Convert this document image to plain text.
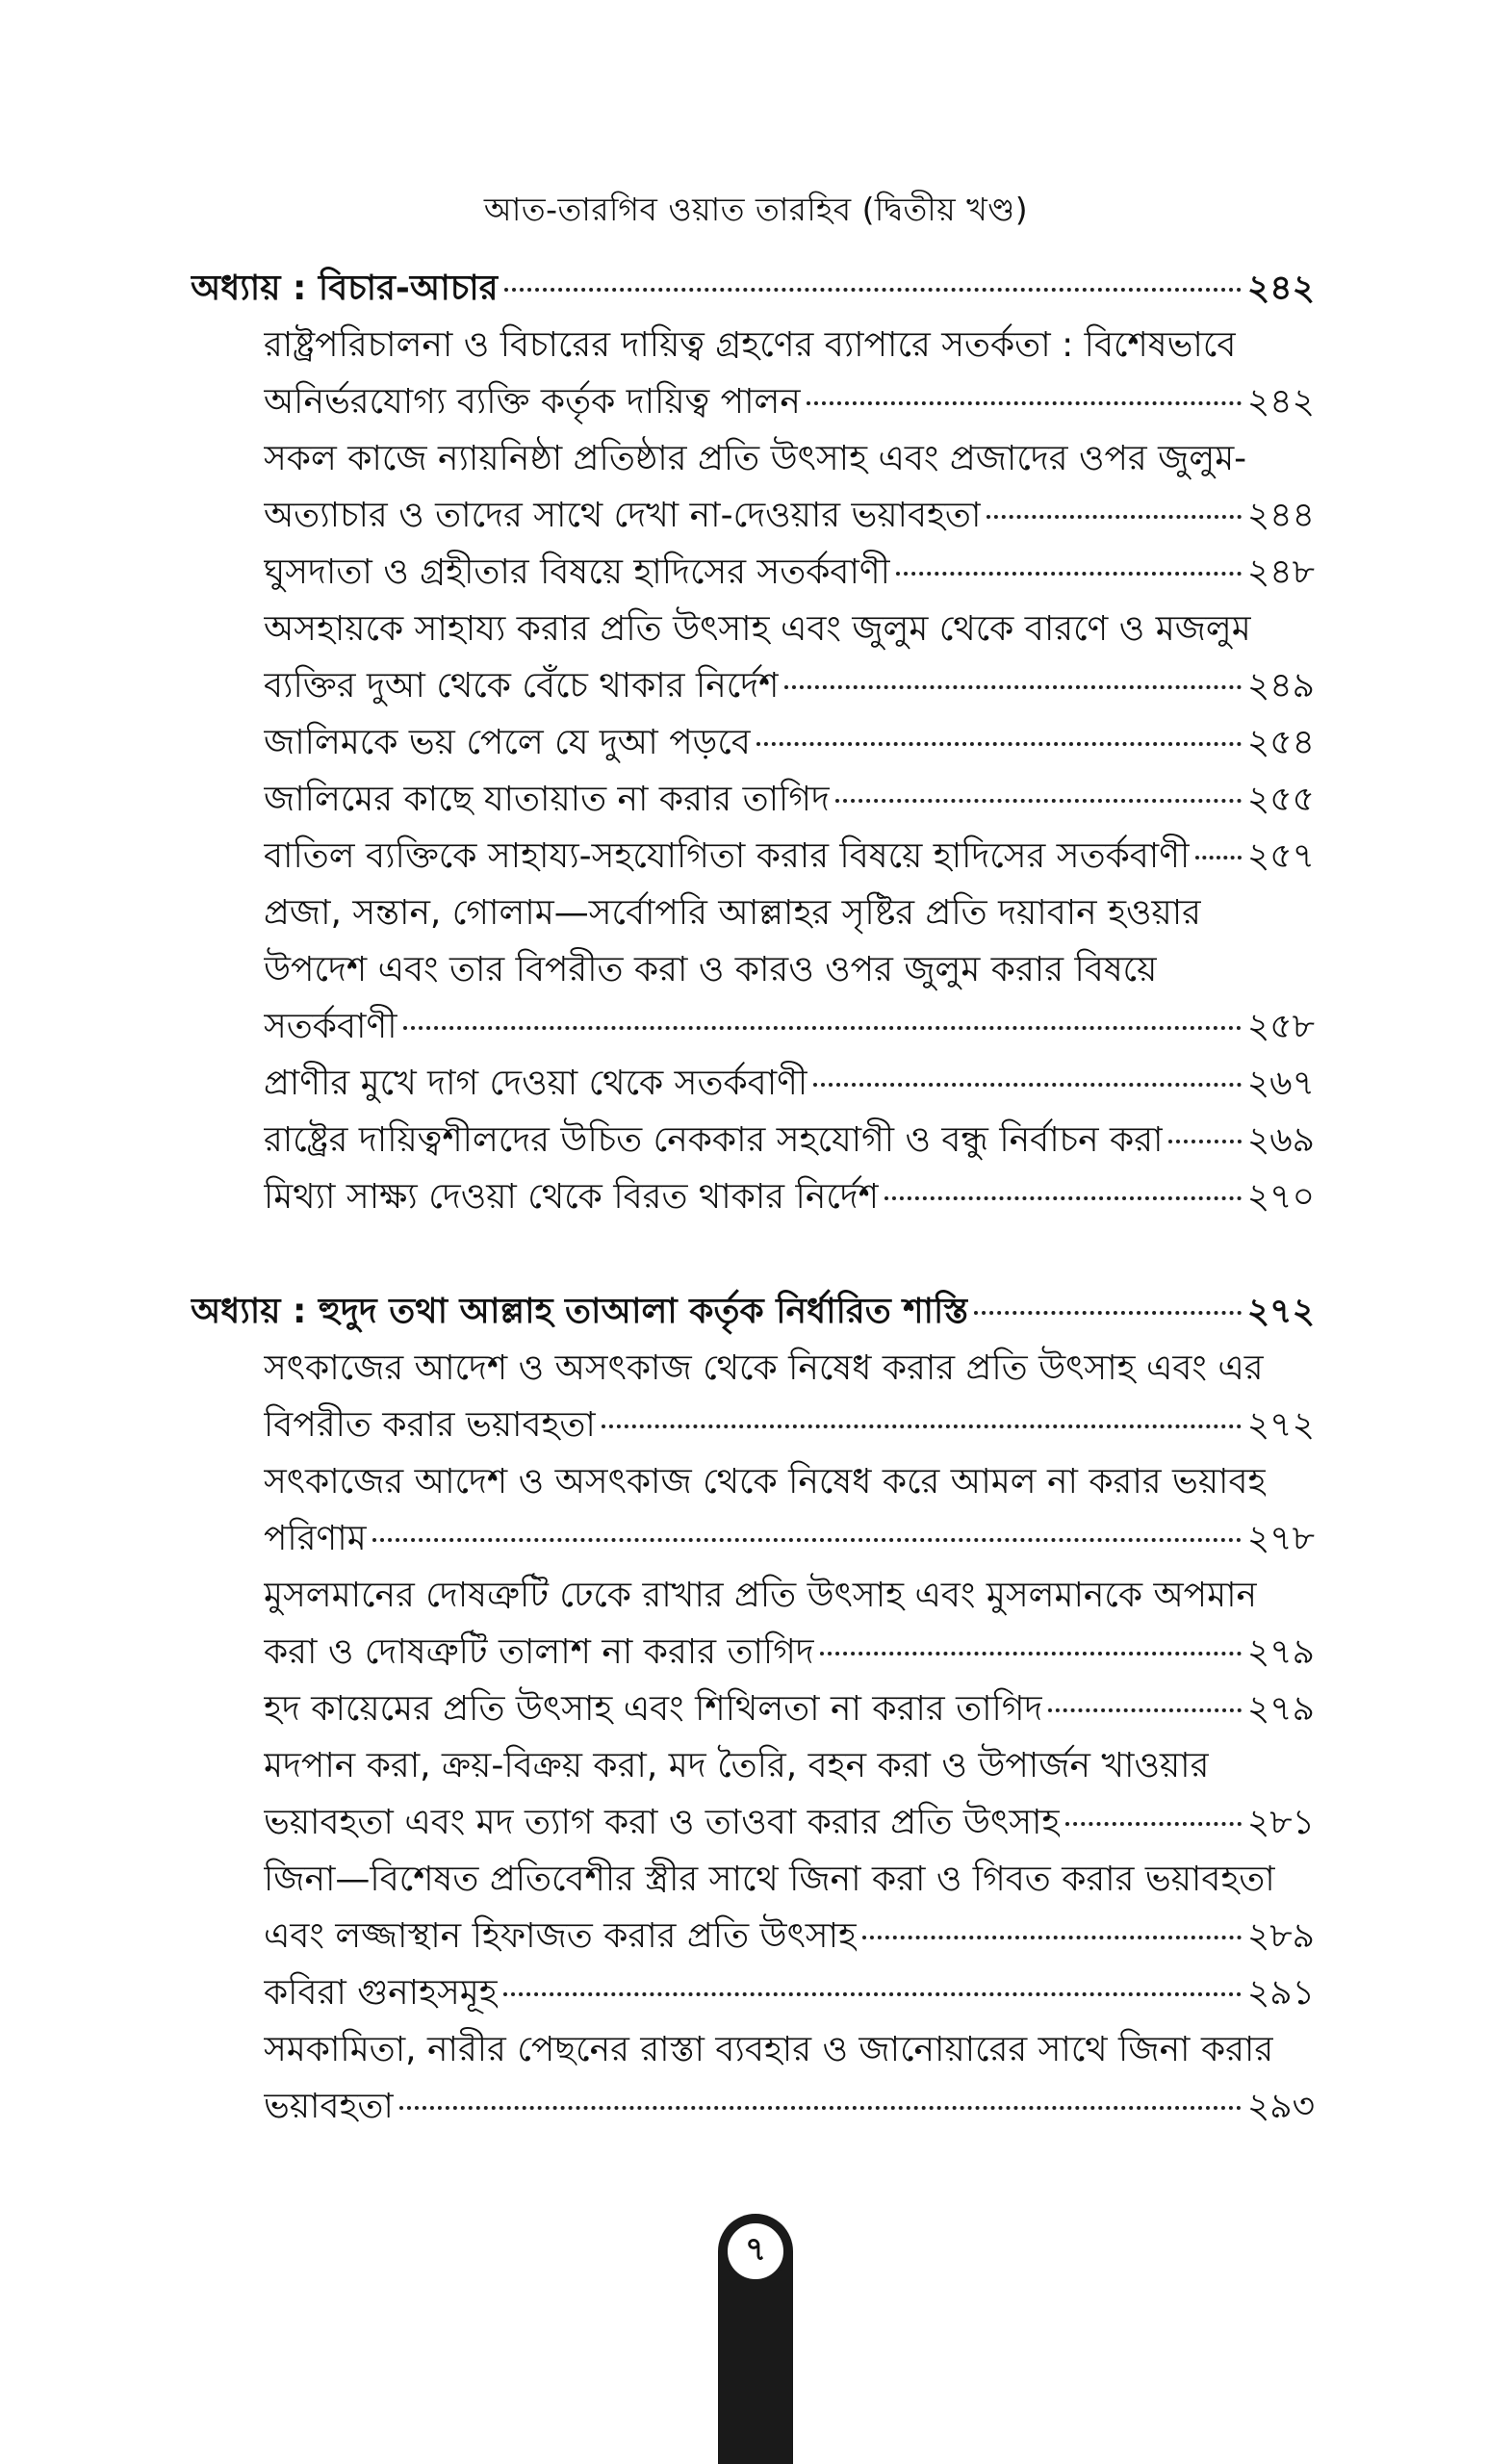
আত-তারগিব ওয়াত তারহিব (দ্বিতীয় খণ্ড)
অধ্যায় : বিচার-আচার	২৪২
রাষ্ট্রপরিচালনা ও বিচারের দায়িত্ব গ্রহণের ব্যাপারে সতর্কতা : বিশেষভাবে
অনির্ভরযোগ্য ব্যক্তি কর্তৃক দায়িত্ব পালন	২৪২
সকল কাজে ন্যায়নিষ্ঠা প্রতিষ্ঠার প্রতি উৎসাহ এবং প্রজাদের ওপর জুলুম-
অত্যাচার ও তাদের সাথে দেখা না-দেওয়ার ভয়াবহতা	২৪৪
ঘুসদাতা ও গ্রহীতার বিষয়ে হাদিসের সতর্কবাণী	২৪৮
অসহায়কে সাহায্য করার প্রতি উৎসাহ এবং জুলুম থেকে বারণে ও মজলুম
ব্যক্তির দুআ থেকে বেঁচে থাকার নির্দেশ	২৪৯
জালিমকে ভয় পেলে যে দুআ পড়বে	২৫৪
জালিমের কাছে যাতায়াত না করার তাগিদ	২৫৫
বাতিল ব্যক্তিকে সাহায্য-সহযোগিতা করার বিষয়ে হাদিসের সতর্কবাণী ২৫৭
প্রজা, সন্তান, গোলাম—সর্বোপরি আল্লাহর সৃষ্টির প্রতি দয়াবান হওয়ার
উপদেশ এবং তার বিপরীত করা ও কারও ওপর জুলুম করার বিষয়ে
সতর্কবাণী	২৫৮
প্রাণীর মুখে দাগ দেওয়া থেকে সতর্কবাণী	২৬৭
রাষ্ট্রের দায়িত্বশীলদের উচিত নেককার সহযোগী ও বন্ধু নির্বাচন করা ২৬৯
মিথ্যা সাক্ষ্য দেওয়া থেকে বিরত থাকার নির্দেশ	২৭০
অধ্যায় : হুদুদ তথা আল্লাহ তাআলা কর্তৃক নির্ধারিত শাস্তি	২৭২
সৎকাজের আদেশ ও অসৎকাজ থেকে নিষেধ করার প্রতি উৎসাহ এবং এর
বিপরীত করার ভয়াবহতা	২৭২
সৎকাজের আদেশ ও অসৎকাজ থেকে নিষেধ করে আমল না করার ভয়াবহ
পরিণাম	২৭৮
মুসলমানের দোষত্রুটি ঢেকে রাখার প্রতি উৎসাহ এবং মুসলমানকে অপমান
করা ও দোষত্রুটি তালাশ না করার তাগিদ	২৭৯
হদ কায়েমের প্রতি উৎসাহ এবং শিথিলতা না করার তাগিদ	২৭৯
মদপান করা, ক্রয়-বিক্রয় করা, মদ তৈরি, বহন করা ও উপার্জন খাওয়ার
ভয়াবহতা এবং মদ ত্যাগ করা ও তাওবা করার প্রতি উৎসাহ	২৮১
জিনা—বিশেষত প্রতিবেশীর স্ত্রীর সাথে জিনা করা ও গিবত করার ভয়াবহতা
এবং লজ্জাস্থান হিফাজত করার প্রতি উৎসাহ	২৮৯
কবিরা গুনাহসমূহ	২৯১
সমকামিতা, নারীর পেছনের রাস্তা ব্যবহার ও জানোয়ারের সাথে জিনা করার
ভয়াবহতা	২৯৩
৭
